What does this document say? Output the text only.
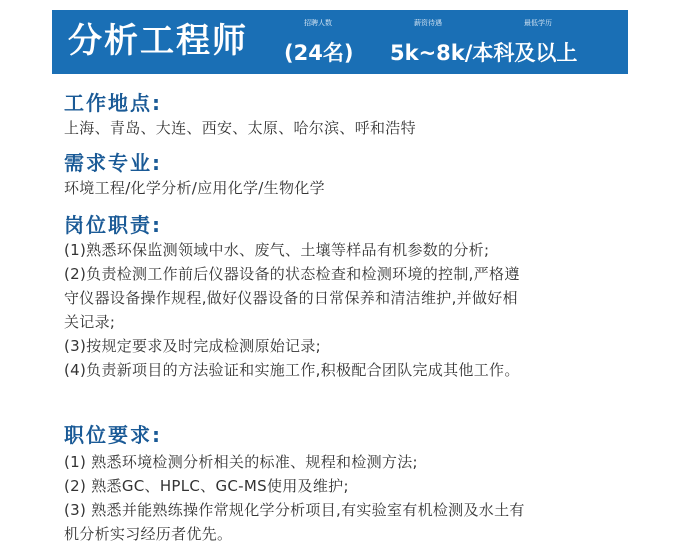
分析工程师	招聘人数
(24名)
薪资待遇	最低学历
5k~8k/本科及以上
工作地点:
上海、青岛、大连、西安、太原、哈尔滨、呼和浩特
需求专业:
环境工程/化学分析/应用化学/生物化学
岗位职责:
(1)熟悉环保监测领域中水、废气、土壤等样品有机参数的分析;
(2)负责检测工作前后仪器设备的状态检查和检测环境的控制,严格遵
守仪器设备操作规程,做好仪器设备的日常保养和清洁维护,并做好相
关记录;
(3)按规定要求及时完成检测原始记录;
(4)负责新项目的方法验证和实施工作,积极配合团队完成其他工作。
职位要求:
(1) 熟悉环境检测分析相关的标准、规程和检测方法;
(2) 熟悉GC、HPLC、GC-MS使用及维护;
(3) 熟悉并能熟练操作常规化学分析项目,有实验室有机检测及水土有
机分析实习经历者优先。
